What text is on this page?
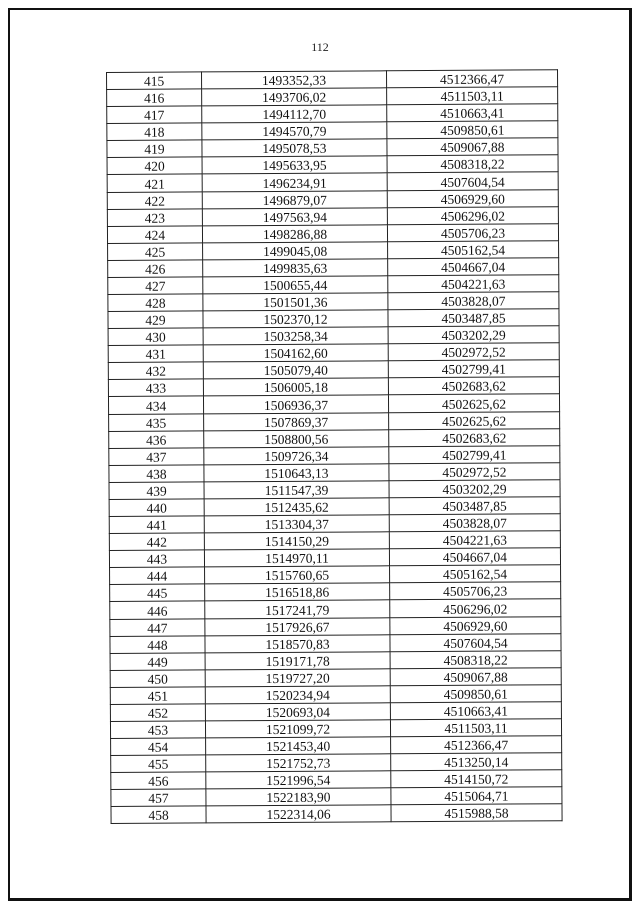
112
415	1493352,33	4512366,47
416	1493706,02	4511503,11
417	1494112,70	4510663,41
418	1494570,79	4509850,61
419	1495078,53	4509067,88
420	1495633,95	4508318,22
421	1496234,91	4507604,54
422	1496879,07	4506929,60
423	1497563,94	4506296,02
424	1498286,88	4505706,23
425	1499045,08	4505162,54
426	1499835,63	4504667,04
427	1500655,44	4504221,63
428	1501501,36	4503828,07
429	1502370,12	4503487,85
430	1503258,34	4503202,29
431	1504162,60	4502972,52
432	1505079,40	4502799,41
433	1506005,18	4502683,62
434	1506936,37	4502625,62
435	1507869,37	4502625,62
436	1508800,56	4502683,62
437	1509726,34	4502799,41
438	1510643,13	4502972,52
439	1511547,39	4503202,29
440	1512435,62	4503487,85
441	1513304,37	4503828,07
442	1514150,29	4504221,63
443	1514970,11	4504667,04
444	1515760,65	4505162,54
445	1516518,86	4505706,23
446	1517241,79	4506296,02
447	1517926,67	4506929,60
448	1518570,83	4507604,54
449	1519171,78	4508318,22
450	1519727,20	4509067,88
451	1520234,94	4509850,61
452	1520693,04	4510663,41
453	1521099,72	4511503,11
454	1521453,40	4512366,47
455	1521752,73	4513250,14
456	1521996,54	4514150,72
457	1522183,90	4515064,71
458	1522314,06	4515988,58
